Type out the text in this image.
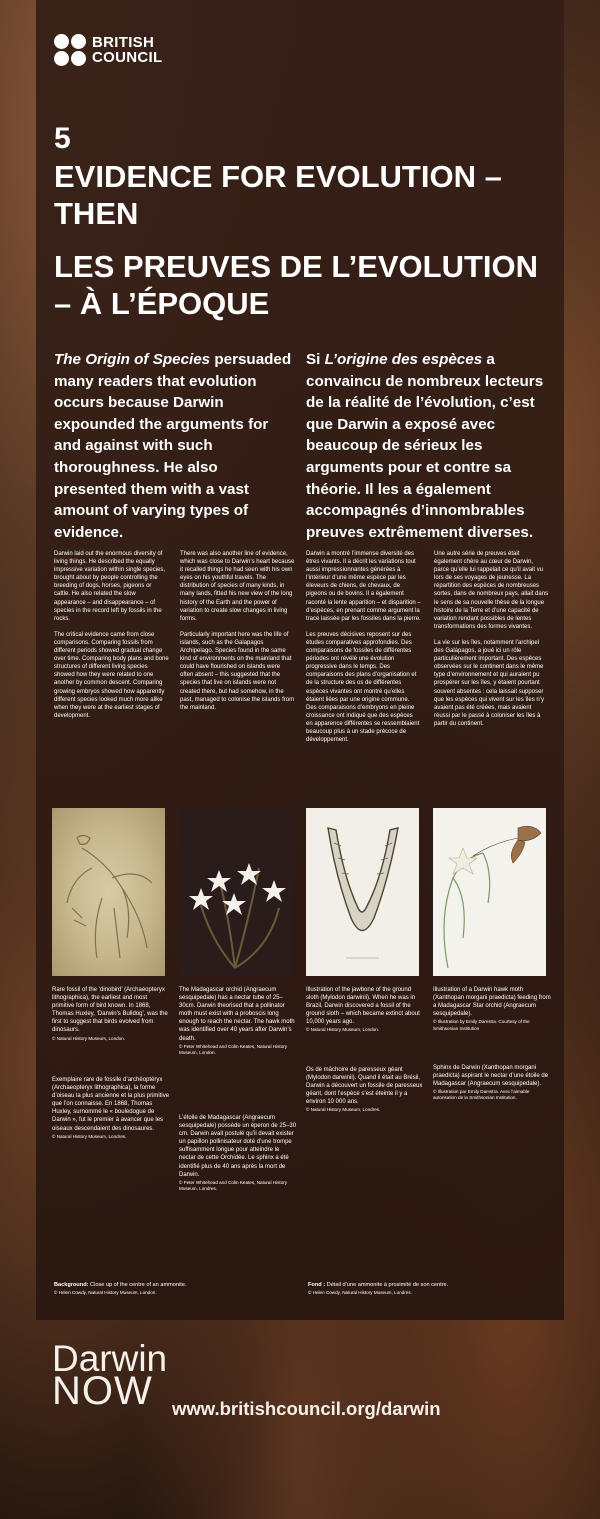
BRITISH
COUNCIL
5
EVIDENCE FOR EVOLUTION – THEN
LES PREUVES DE L’EVOLUTION – À L’ÉPOQUE
The Origin of Species persuaded many readers that evolution occurs because Darwin expounded the arguments for and against with such thoroughness. He also presented them with a vast amount of varying types of evidence.
Si L’origine des espèces a convaincu de nombreux lecteurs de la réalité de l’évolution, c’est que Darwin a exposé avec beaucoup de sérieux les arguments pour et contre sa théorie. Il les a également accompagnés d’innombrables preuves extrêmement diverses.

Darwin laid out the enormous diversity of living things. He described the equally impressive variation within single species, brought about by people controlling the breeding of dogs, horses, pigeons or cattle. He also related the slow appearance – and disappearance – of species in the record left by fossils in the rocks.

The critical evidence came from close comparisons. Comparing fossils from different periods showed gradual change over time. Comparing body plans and bone structures of different living species showed how they were related to one another by common descent. Comparing growing embryos showed how apparently different species looked much more alike when they were at the earliest stages of development.

There was also another line of evidence, which was close to Darwin’s heart because it recalled things he had seen with his own eyes on his youthful travels. The distribution of species of many kinds, in many lands, fitted his new view of the long history of the Earth and the power of variation to create slow changes in living forms.

Particularly important here was the life of islands, such as the Galapagos Archipelago. Species found in the same kind of environments on the mainland that could have flourished on islands were often absent – this suggested that the species that live on islands were not created there, but had somehow, in the past, managed to colonise the islands from the mainland.

Darwin a montré l’immense diversité des êtres vivants. Il a décrit les variations tout aussi impressionnantes générées à l’intérieur d’une même espèce par les éleveurs de chiens, de chevaux, de pigeons ou de bovins. Il a également raconté la lente apparition – et disparition – d’espèces, en prenant comme argument la trace laissée par les fossiles dans la pierre.

Les preuves décisives reposent sur des études comparatives approfondies. Des comparaisons de fossiles de différentes périodes ont révélé une évolution progressive dans le temps. Des comparaisons des plans d’organisation et de la structure des os de différentes espèces vivantes ont montré qu’elles étaient liées par une origine commune. Des comparaisons d’embryons en pleine croissance ont indiqué que des espèces en apparence différentes se ressemblaient beaucoup plus à un stade précoce de développement.

Une autre série de preuves était également chère au cœur de Darwin, parce qu’elle lui rappelait ce qu’il avait vu lors de ses voyages de jeunesse. La répartition des espèces de nombreuses sortes, dans de nombreux pays, allait dans le sens de sa nouvelle thèse de la longue histoire de la Terre et d’une capacité de variation rendant possibles de lentes transformations des formes vivantes.

La vie sur les îles, notamment l’archipel des Galápagos, a joué ici un rôle particulièrement important. Des espèces observées sur le continent dans le même type d’environnement et qui auraient pu prospérer sur les îles, y étaient pourtant souvent absentes : cela laissait supposer que les espèces qui vivent sur les îles n’y avaient pas été créées, mais avaient réussi par le passé à coloniser les îles à partir du continent.

Rare fossil of the ‘dinobird’ (Archaeopteryx lithographica), the earliest and most primitive form of bird known. In 1868, Thomas Huxley, ‘Darwin’s Bulldog’, was the first to suggest that birds evolved from dinosaurs.
© Natural History Museum, London.
The Madagascar orchid (Angraecum sesquipedale) has a nectar tube of 25–30cm. Darwin theorised that a pollinator moth must exist with a proboscis long enough to reach the nectar. The hawk moth was identified over 40 years after Darwin’s death.
© Peter Whitehead and Colin Keates, Natural History Museum, London.
Illustration of the jawbone of the ground sloth (Mylodon darwinii). When he was in Brazil, Darwin discovered a fossil of the ground sloth – which became extinct about 10,000 years ago.
© Natural History Museum, London.
Illustration of a Darwin hawk moth (Xanthopan morgani praedicta) feeding from a Madagascar Star orchid (Angraecum sesquipedale).
© Illustration by Emily Damstra. Courtesy of the Smithsonian Institution
Exemplaire rare de fossile d’archéoptéryx (Archaeopteryx lithographica), la forme d’oiseau la plus ancienne et la plus primitive que l’on connaisse. En 1868, Thomas Huxley, surnommé le « bouledogue de Darwin », fut le premier à avancer que les oiseaux descendaient des dinosaures.
© Natural History Museum, Londres.
L’étoile de Madagascar (Angraecum sesquipedale) possède un éperon de 25–30 cm. Darwin avait postulé qu’il devait exister un papillon pollinisateur doté d’une trompe suffisamment longue pour atteindre le nectar de cette Orchidée. Le sphinx a été identifié plus de 40 ans après la mort de Darwin.
© Peter Whitehead and Colin Keates, Natural History Museum, Londres.
Os de mâchoire de paresseux géant (Mylodon darwinii). Quand il était au Brésil, Darwin a découvert un fossile de paresseux géant, dont l’espèce s’est éteinte il y a environ 10 000 ans.
© Natural History Museum, Londres.
Sphinx de Darwin (Xanthopan morgani praedicta) aspirant le nectar d’une étoile de Madagascar (Angraecum sesquipedale).
© Illustration par Emily Damstra. Avec l’aimable autorisation de la Smithsonian Institution.
Background: Close up of the centre of an ammonite.
© Helen Cowdy, Natural History Museum, London.
Fond : Détail d’une ammonite à proximité de son centre.
© Helen Cowdy, Natural History Museum, Londres.
Darwin
NOW	www.britishcouncil.org/darwin
